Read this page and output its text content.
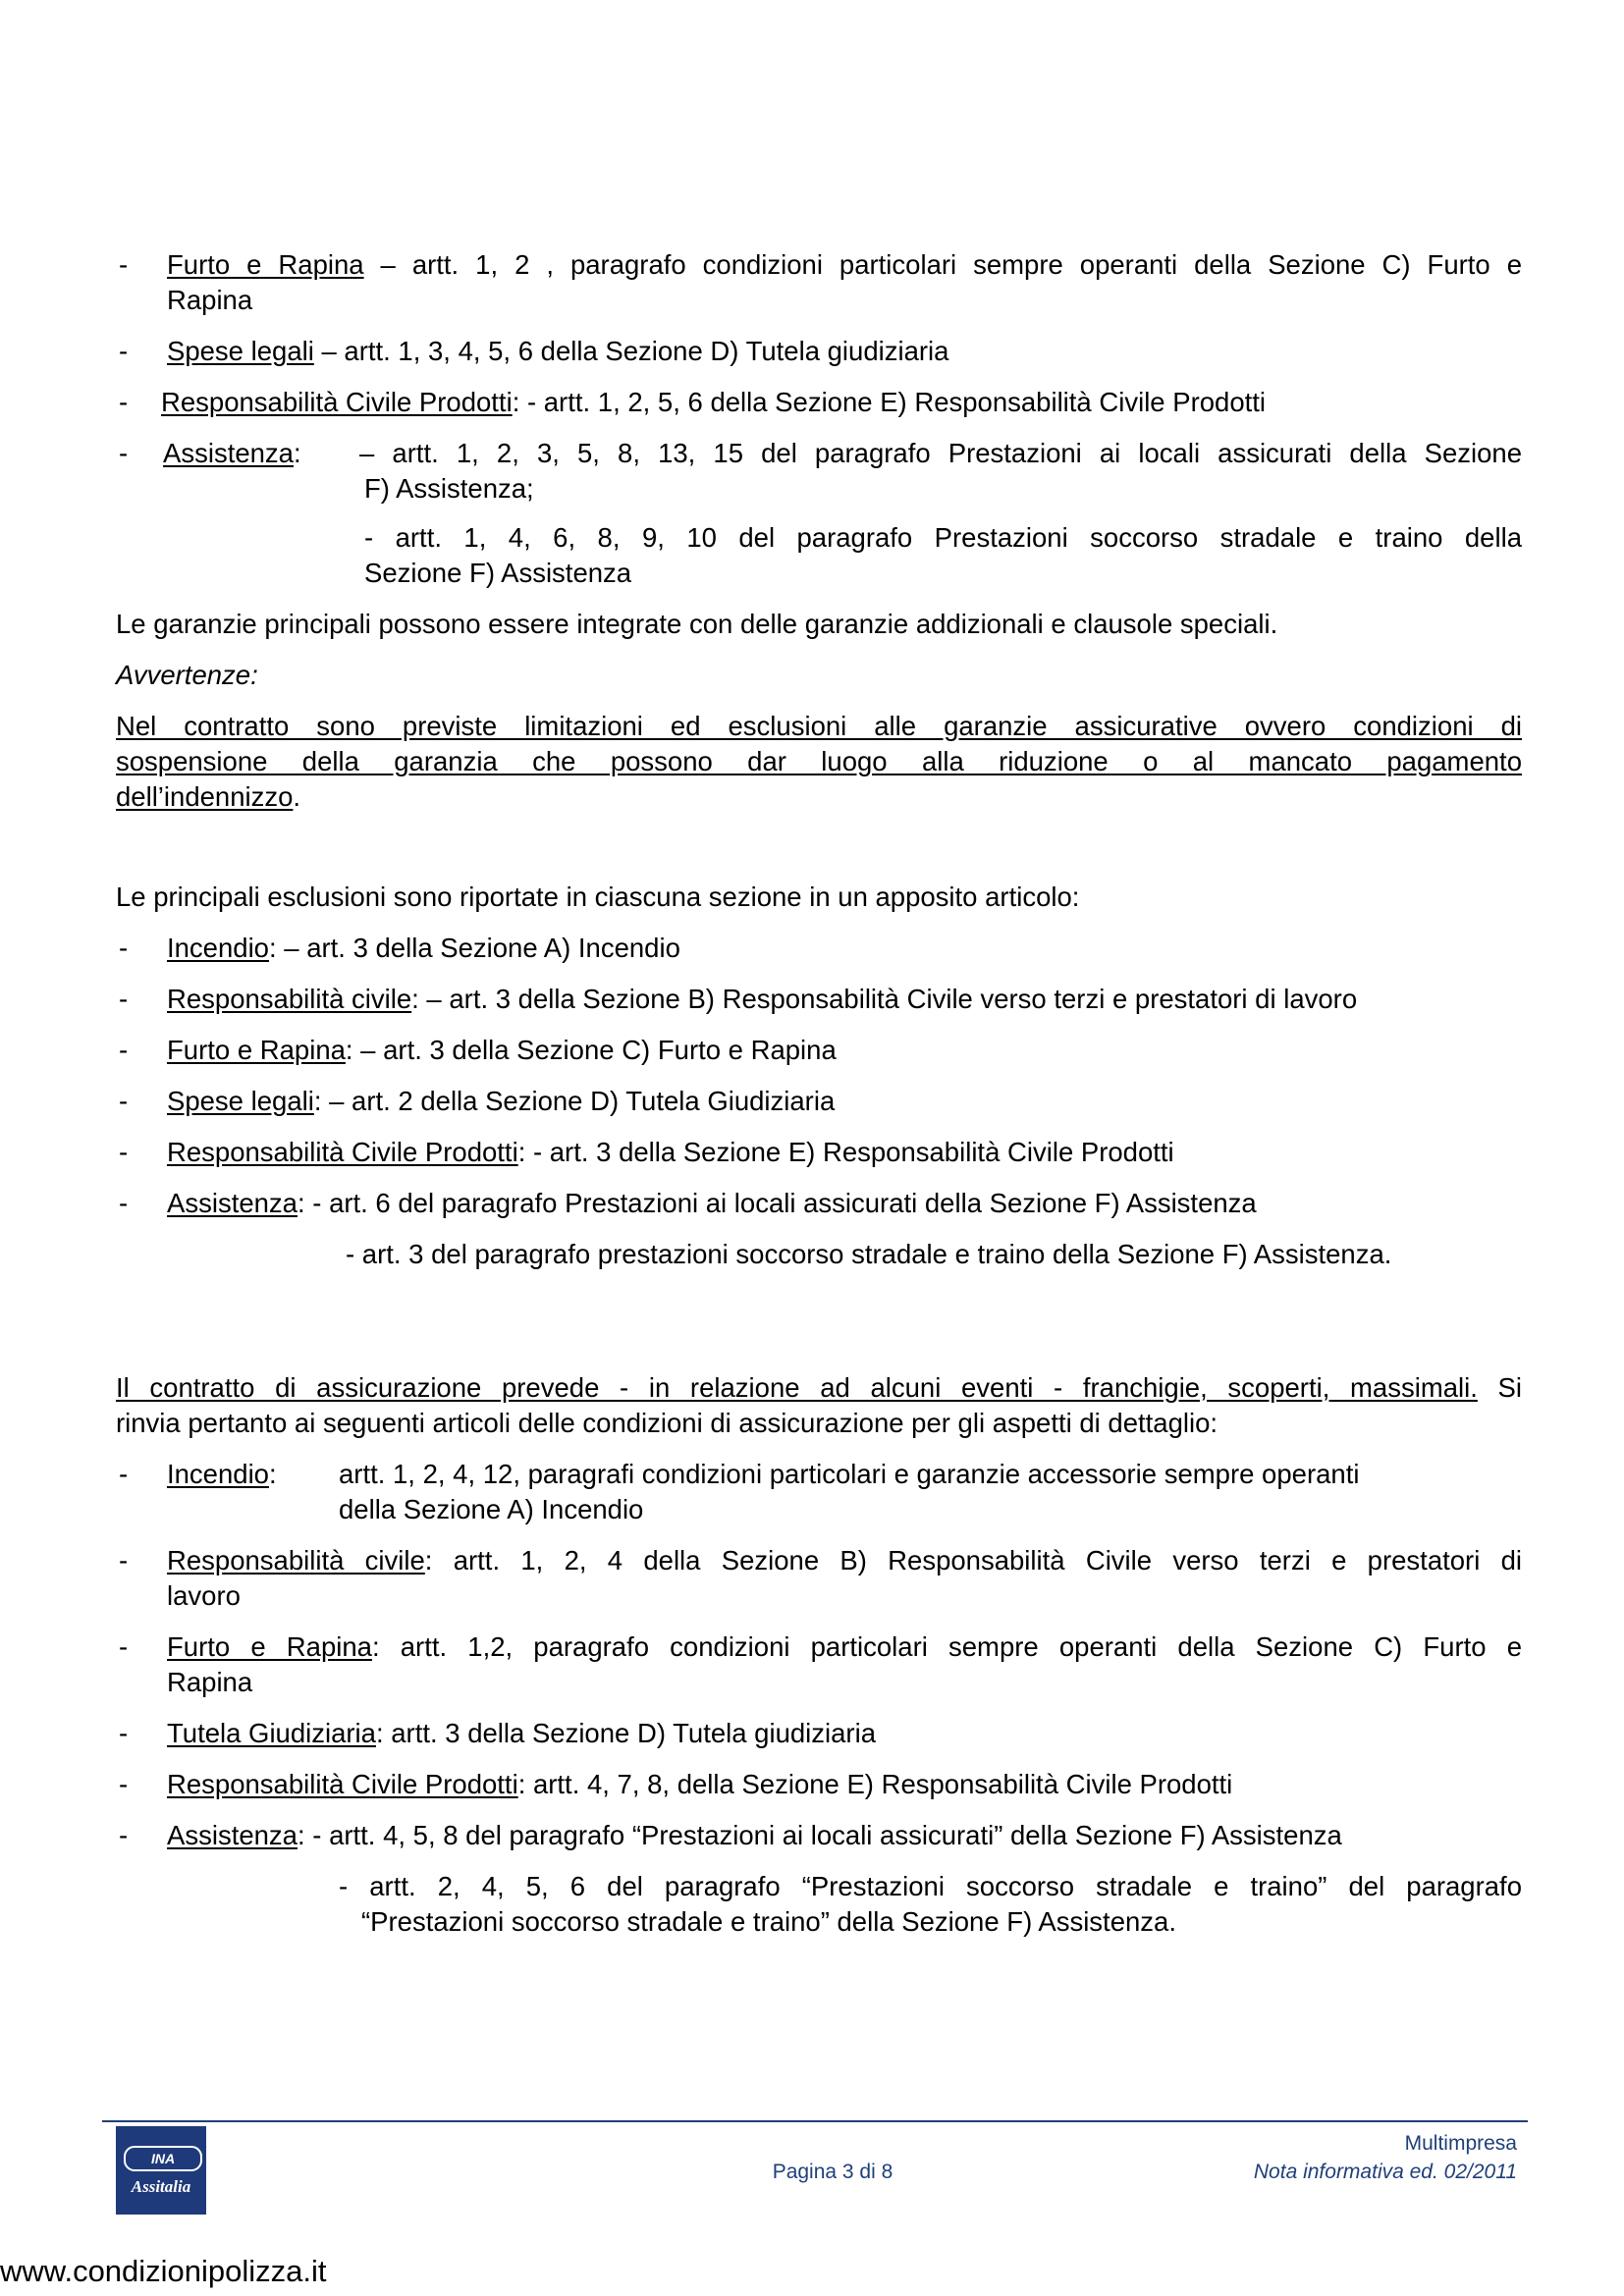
- Furto e Rapina – artt. 1, 2 , paragrafo condizioni particolari sempre operanti della Sezione C) Furto e
Rapina
- Spese legali – artt. 1, 3, 4, 5, 6 della Sezione D) Tutela giudiziaria
- Responsabilità Civile Prodotti: - artt. 1, 2, 5, 6 della Sezione E) Responsabilità Civile Prodotti
- Assistenza: – artt. 1, 2, 3, 5, 8, 13, 15 del paragrafo Prestazioni ai locali assicurati della Sezione
F) Assistenza;
- artt. 1, 4, 6, 8, 9, 10 del paragrafo Prestazioni soccorso stradale e traino della
Sezione F) Assistenza
Le garanzie principali possono essere integrate con delle garanzie addizionali e clausole speciali.
Avvertenze:
Nel contratto sono previste limitazioni ed esclusioni alle garanzie assicurative ovvero condizioni di
sospensione della garanzia che possono dar luogo alla riduzione o al mancato pagamento
dell’indennizzo.
Le principali esclusioni sono riportate in ciascuna sezione in un apposito articolo:
- Incendio: – art. 3 della Sezione A) Incendio
- Responsabilità civile: – art. 3 della Sezione B) Responsabilità Civile verso terzi e prestatori di lavoro
- Furto e Rapina: – art. 3 della Sezione C) Furto e Rapina
- Spese legali: – art. 2 della Sezione D) Tutela Giudiziaria
- Responsabilità Civile Prodotti: - art. 3 della Sezione E) Responsabilità Civile Prodotti
- Assistenza: - art. 6 del paragrafo Prestazioni ai locali assicurati della Sezione F) Assistenza
- art. 3 del paragrafo prestazioni soccorso stradale e traino della Sezione F) Assistenza.
Il contratto di assicurazione prevede - in relazione ad alcuni eventi - franchigie, scoperti, massimali. Si
rinvia pertanto ai seguenti articoli delle condizioni di assicurazione per gli aspetti di dettaglio:
- Incendio: artt. 1, 2, 4, 12, paragrafi condizioni particolari e garanzie accessorie sempre operanti
della Sezione A) Incendio
- Responsabilità civile: artt. 1, 2, 4 della Sezione B) Responsabilità Civile verso terzi e prestatori di
lavoro
- Furto e Rapina: artt. 1,2, paragrafo condizioni particolari sempre operanti della Sezione C) Furto e
Rapina
- Tutela Giudiziaria: artt. 3 della Sezione D) Tutela giudiziaria
- Responsabilità Civile Prodotti: artt. 4, 7, 8, della Sezione E) Responsabilità Civile Prodotti
- Assistenza: - artt. 4, 5, 8 del paragrafo “Prestazioni ai locali assicurati” della Sezione F) Assistenza
- artt. 2, 4, 5, 6 del paragrafo “Prestazioni soccorso stradale e traino” del paragrafo
“Prestazioni soccorso stradale e traino” della Sezione F) Assistenza.
INA
Assitalia
Pagina 3 di 8
Multimpresa
Nota informativa ed. 02/2011
www.condizionipolizza.it
